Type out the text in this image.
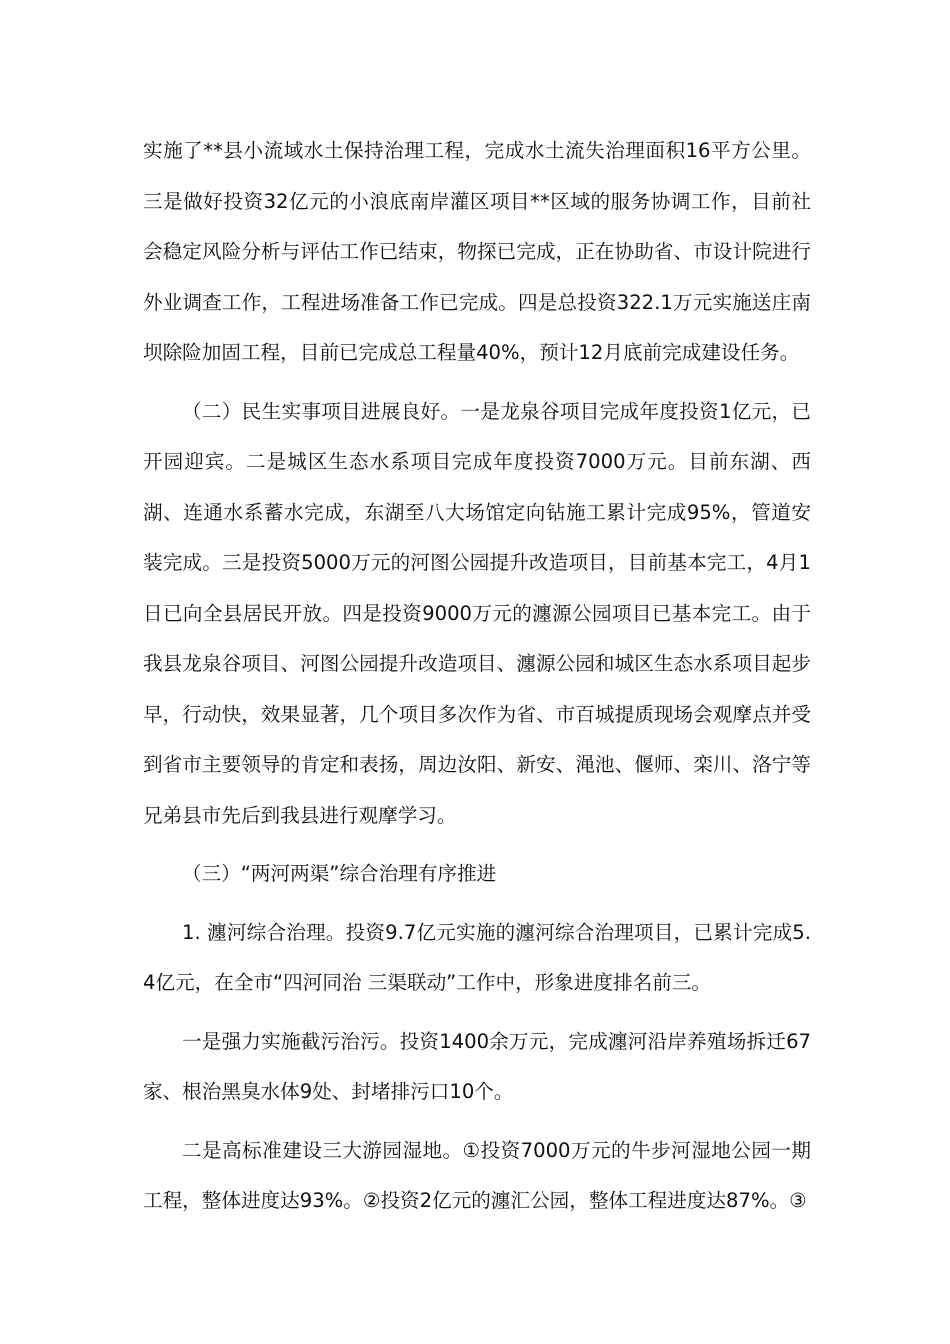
实施了**县小流域水土保持治理工程，完成水土流失治理面积16平方公里。三是做好投资32亿元的小浪底南岸灌区项目**区域的服务协调工作，目前社会稳定风险分析与评估工作已结束，物探已完成，正在协助省、市设计院进行外业调查工作，工程进场准备工作已完成。四是总投资322.1万元实施送庄南坝除险加固工程，目前已完成总工程量40%，预计12月底前完成建设任务。

（二）民生实事项目进展良好。一是龙泉谷项目完成年度投资1亿元，已开园迎宾。二是城区生态水系项目完成年度投资7000万元。目前东湖、西湖、连通水系蓄水完成，东湖至八大场馆定向钻施工累计完成95%，管道安装完成。三是投资5000万元的河图公园提升改造项目，目前基本完工，4月1日已向全县居民开放。四是投资9000万元的瀍源公园项目已基本完工。由于我县龙泉谷项目、河图公园提升改造项目、瀍源公园和城区生态水系项目起步早，行动快，效果显著，几个项目多次作为省、市百城提质现场会观摩点并受到省市主要领导的肯定和表扬，周边汝阳、新安、渑池、偃师、栾川、洛宁等兄弟县市先后到我县进行观摩学习。

（三）“两河两渠”综合治理有序推进

1. 瀍河综合治理。投资9.7亿元实施的瀍河综合治理项目，已累计完成5.4亿元，在全市“四河同治 三渠联动”工作中，形象进度排名前三。

一是强力实施截污治污。投资1400余万元，完成瀍河沿岸养殖场拆迁67家、根治黑臭水体9处、封堵排污口10个。

二是高标准建设三大游园湿地。①投资7000万元的牛步河湿地公园一期工程，整体进度达93%。②投资2亿元的瀍汇公园，整体工程进度达87%。③
